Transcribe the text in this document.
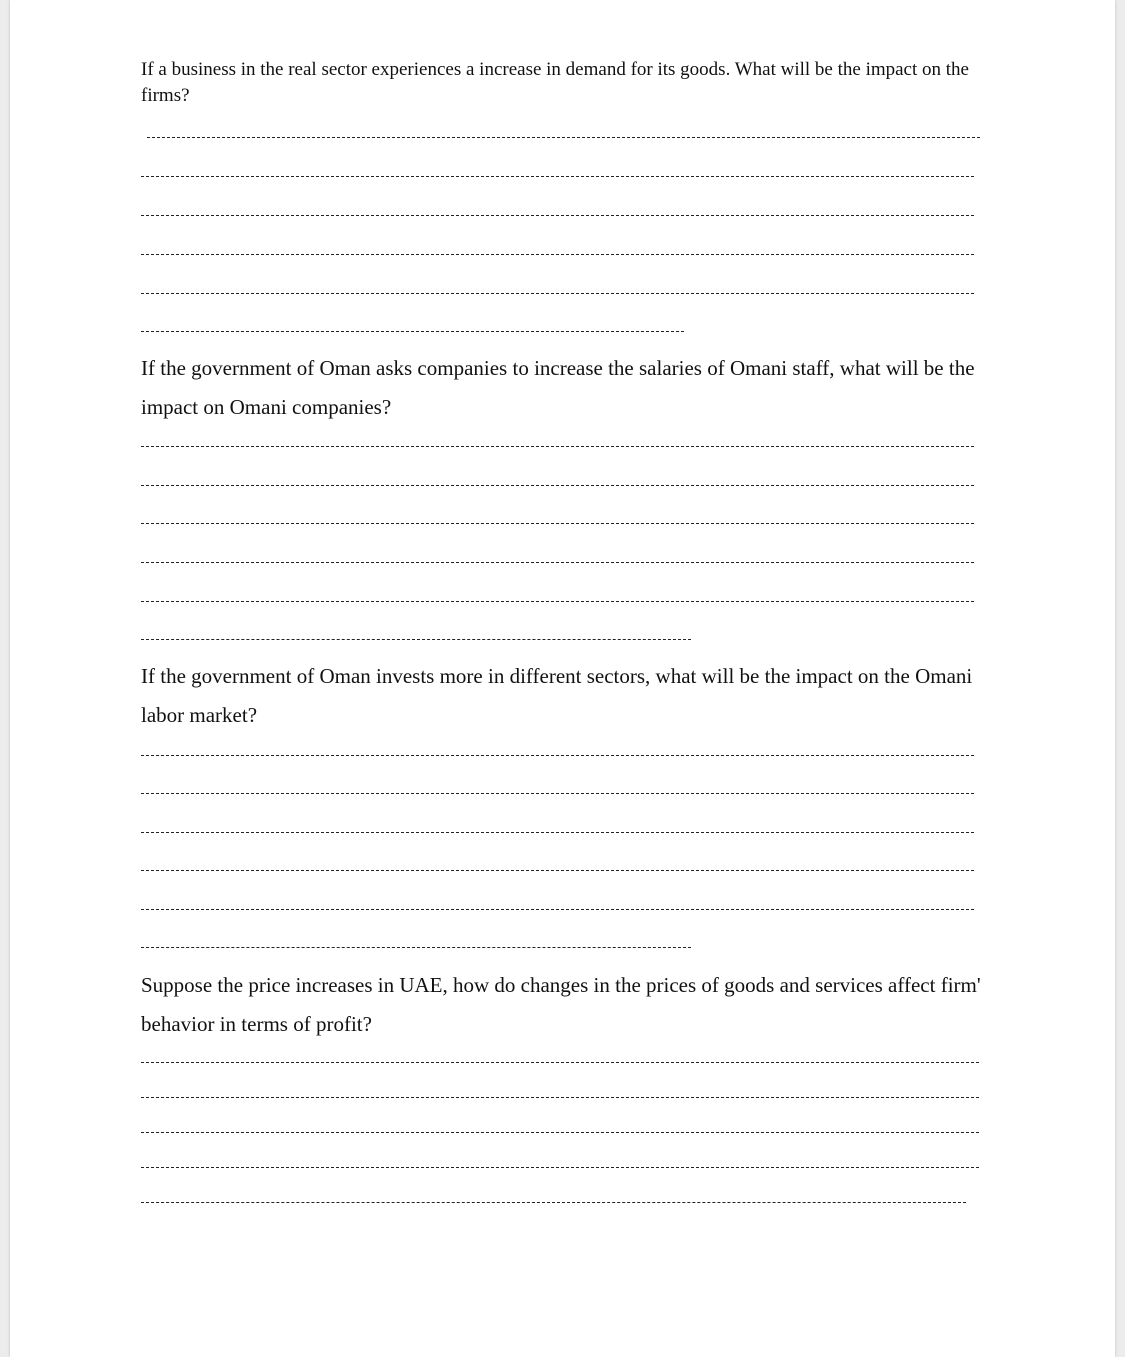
If a business in the real sector experiences a increase in demand for its goods. What will be the impact on the firms?

If the government of Oman asks companies to increase the salaries of Omani staff, what will be the impact on Omani companies?

If the government of Oman invests more in different sectors, what will be the impact on the Omani labor market?

Suppose the price increases in UAE, how do changes in the prices of goods and services affect firm' behavior in terms of profit?
